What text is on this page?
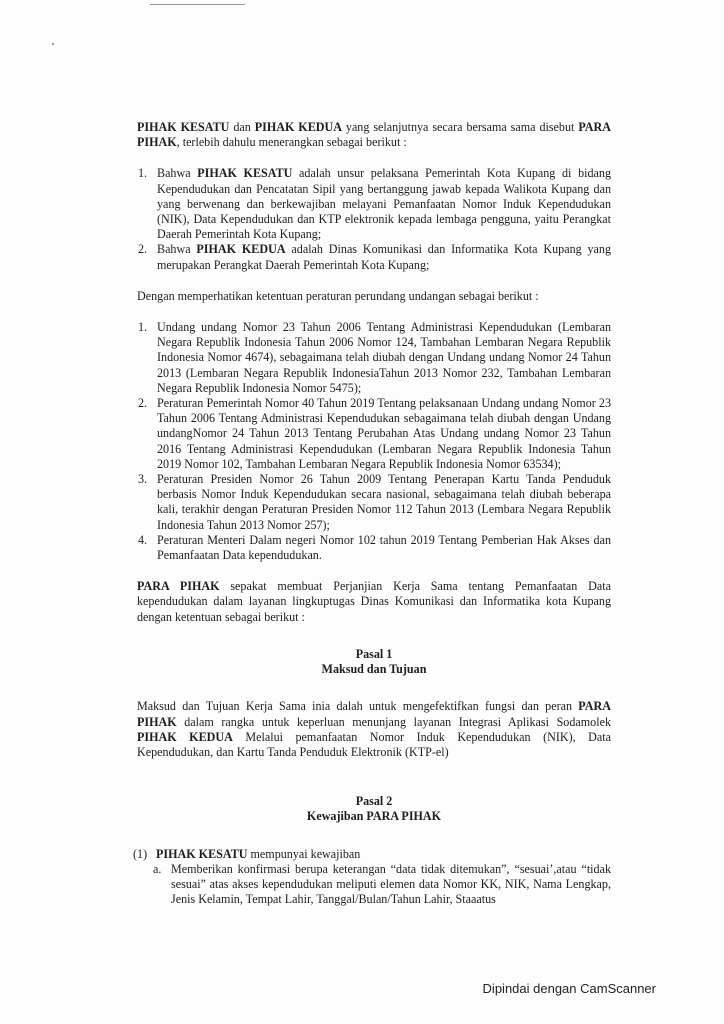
PIHAK KESATU dan PIHAK KEDUA yang selanjutnya secara bersama sama disebut PARA PIHAK, terlebih dahulu menerangkan sebagai berikut :

1. Bahwa PIHAK KESATU adalah unsur pelaksana Pemerintah Kota Kupang di bidang Kependudukan dan Pencatatan Sipil yang bertanggung jawab kepada Walikota Kupang dan yang berwenang dan berkewajiban melayani Pemanfaatan Nomor Induk Kependudukan (NIK), Data Kependudukan dan KTP elektronik kepada lembaga pengguna, yaitu Perangkat Daerah Pemerintah Kota Kupang;
2. Bahwa PIHAK KEDUA adalah Dinas Komunikasi dan Informatika Kota Kupang yang merupakan Perangkat Daerah Pemerintah Kota Kupang;

Dengan memperhatikan ketentuan peraturan perundang undangan sebagai berikut :

1. Undang undang Nomor 23 Tahun 2006 Tentang Administrasi Kependudukan (Lembaran Negara Republik Indonesia Tahun 2006 Nomor 124, Tambahan Lembaran Negara Republik Indonesia Nomor 4674), sebagaimana telah diubah dengan Undang undang Nomor 24 Tahun 2013 (Lembaran Negara Republik IndonesiaTahun 2013 Nomor 232, Tambahan Lembaran Negara Republik Indonesia Nomor 5475);
2. Peraturan Pemerintah Nomor 40 Tahun 2019 Tentang pelaksanaan Undang undang Nomor 23 Tahun 2006 Tentang Administrasi Kependudukan sebagaimana telah diubah dengan Undang undangNomor 24 Tahun 2013 Tentang Perubahan Atas Undang undang Nomor 23 Tahun 2016 Tentang Administrasi Kependudukan (Lembaran Negara Republik Indonesia Tahun 2019 Nomor 102, Tambahan Lembaran Negara Republik Indonesia Nomor 63534);
3. Peraturan Presiden Nomor 26 Tahun 2009 Tentang Penerapan Kartu Tanda Penduduk berbasis Nomor Induk Kependudukan secara nasional, sebagaimana telah diubah beberapa kali, terakhir dengan Peraturan Presiden Nomor 112 Tahun 2013 (Lembara Negara Republik Indonesia Tahun 2013 Nomor 257);
4. Peraturan Menteri Dalam negeri Nomor 102 tahun 2019 Tentang Pemberian Hak Akses dan Pemanfaatan Data kependudukan.

PARA PIHAK sepakat membuat Perjanjian Kerja Sama tentang Pemanfaatan Data kependudukan dalam layanan lingkuptugas Dinas Komunikasi dan Informatika kota Kupang dengan ketentuan sebagai berikut :

Pasal 1

Maksud dan Tujuan

Maksud dan Tujuan Kerja Sama inia dalah untuk mengefektifkan fungsi dan peran PARA PIHAK dalam rangka untuk keperluan menunjang layanan Integrasi Aplikasi Sodamolek PIHAK KEDUA Melalui pemanfaatan Nomor Induk Kependudukan (NIK), Data Kependudukan, dan Kartu Tanda Penduduk Elektronik (KTP-el)

Pasal 2

Kewajiban PARA PIHAK

(1) PIHAK KESATU mempunyai kewajiban
a. Memberikan konfirmasi berupa keterangan “data tidak ditemukan”, “sesuai’,atau “tidak sesuai” atas akses kependudukan meliputi elemen data Nomor KK, NIK, Nama Lengkap, Jenis Kelamin, Tempat Lahir, Tanggal/Bulan/Tahun Lahir, Staaatus
Dipindai dengan CamScanner
